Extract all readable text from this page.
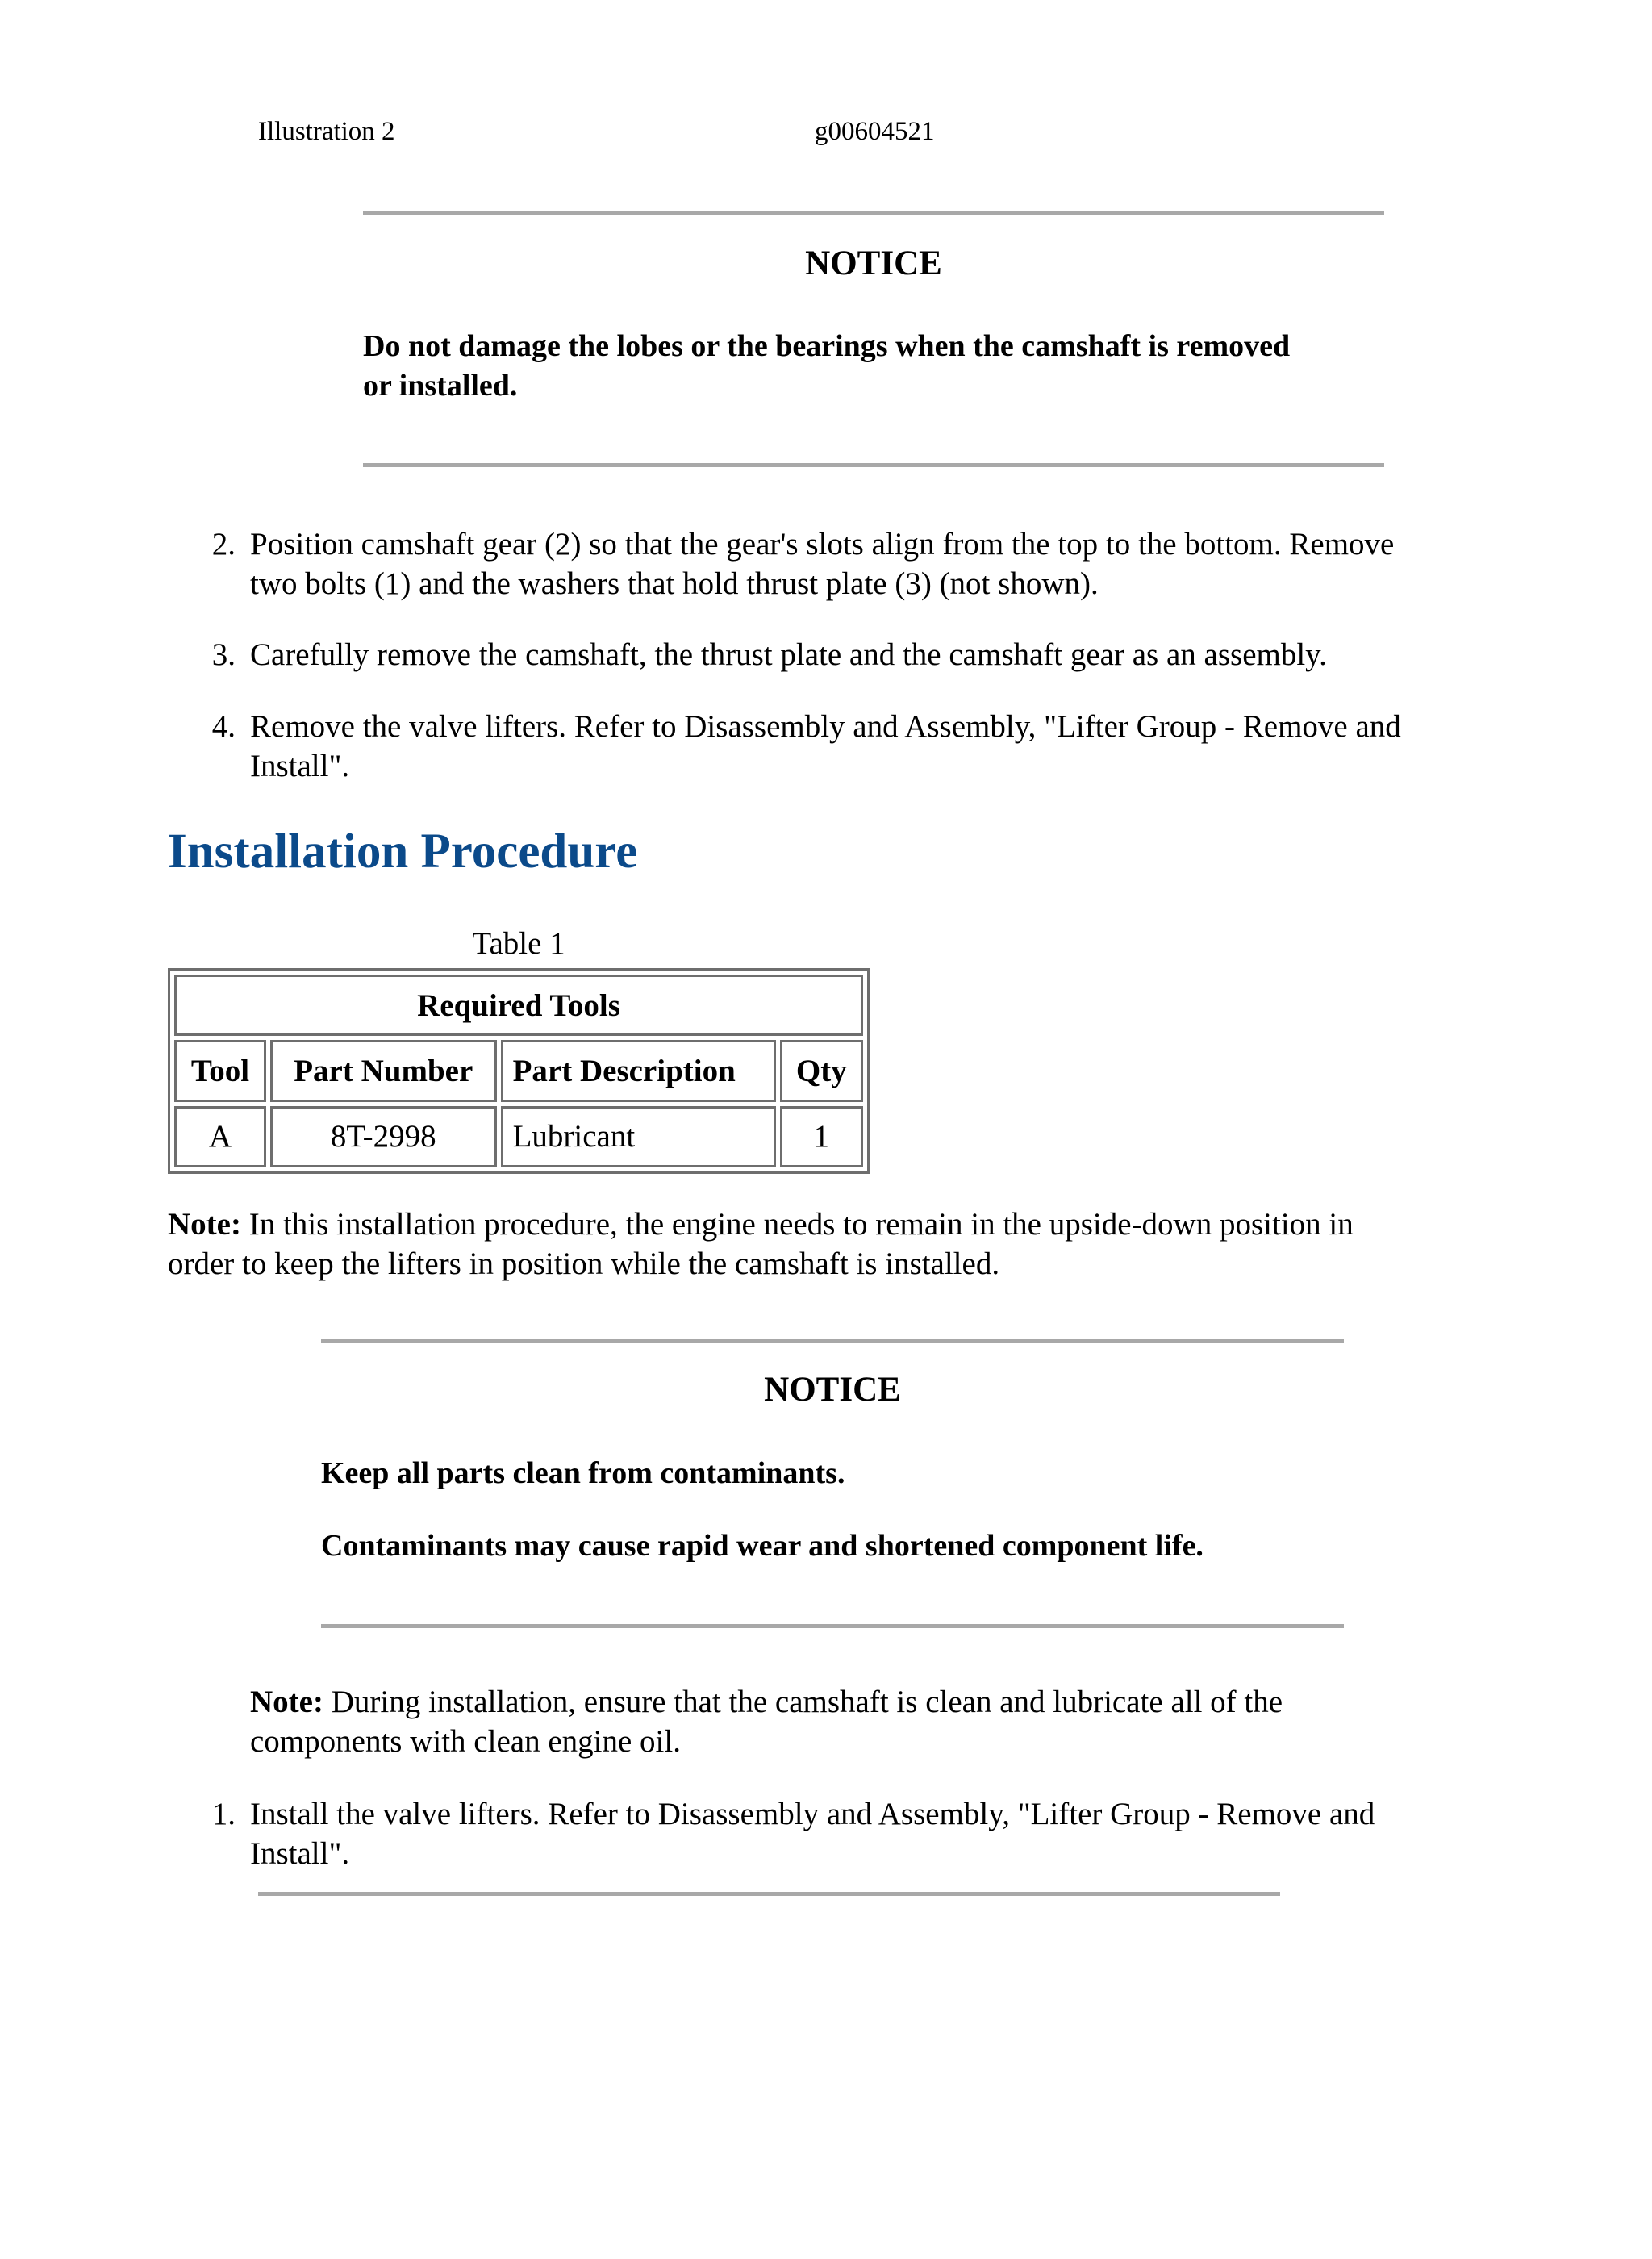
Illustration 2	g00604521
NOTICE

Do not damage the lobes or the bearings when the camshaft is removed

or installed.

2. Position camshaft gear (2) so that the gear's slots align from the top to the bottom. Remove
two bolts (1) and the washers that hold thrust plate (3) (not shown).
3. Carefully remove the camshaft, the thrust plate and the camshaft gear as an assembly.
4. Remove the valve lifters. Refer to Disassembly and Assembly, "Lifter Group - Remove and
Install".
Installation Procedure
Table 1
Required Tools			
Tool	Part Number	Part Description	Qty
A	8T-2998	Lubricant	1
Note: In this installation procedure, the engine needs to remain in the upside-down position in
order to keep the lifters in position while the camshaft is installed.
NOTICE

Keep all parts clean from contaminants.

Contaminants may cause rapid wear and shortened component life.

Note: During installation, ensure that the camshaft is clean and lubricate all of the
components with clean engine oil.
1. Install the valve lifters. Refer to Disassembly and Assembly, "Lifter Group - Remove and
Install".
